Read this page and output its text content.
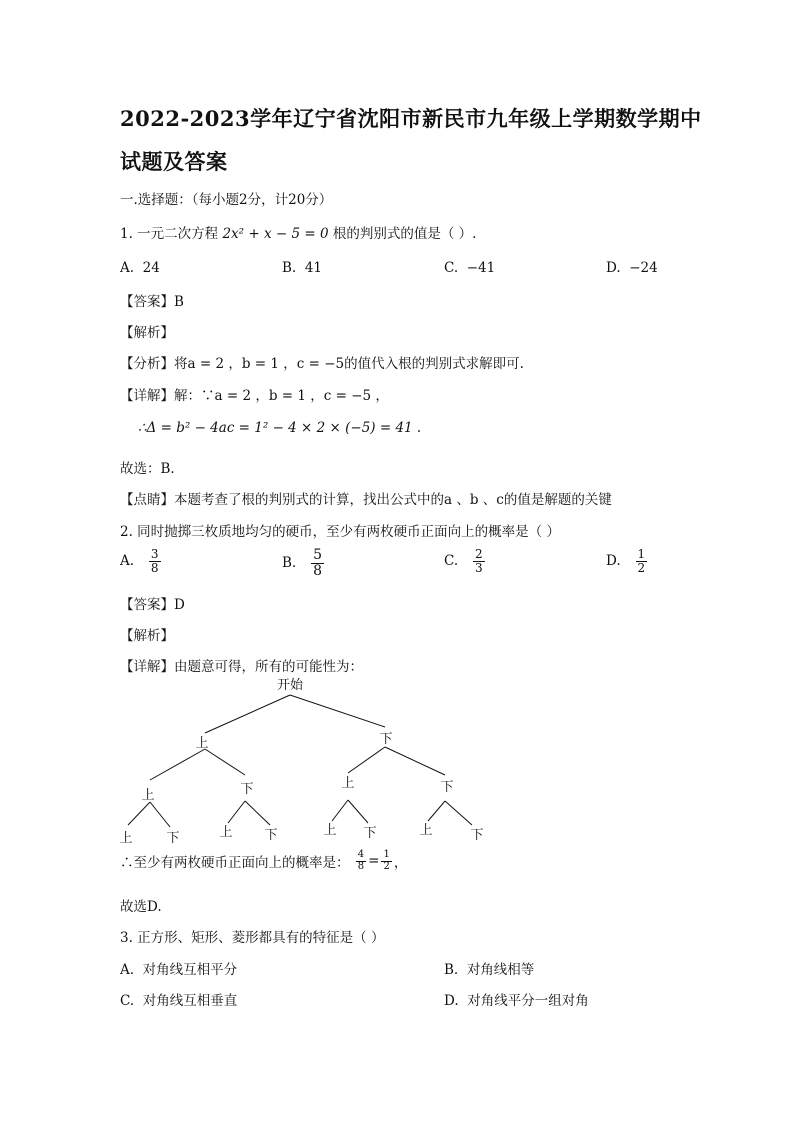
2022-2023学年辽宁省沈阳市新民市九年级上学期数学期中
试题及答案
一.选择题：（每小题2分，计20分）
1. 一元二次方程 2x² + x − 5 = 0 根的判别式的值是（ ）.
A. 24	B. 41	C. −41	D. −24
【答案】B
【解析】
【分析】将a = 2 ，b = 1 ，c = −5的值代入根的判别式求解即可.
【详解】解：∵a = 2 ，b = 1 ，c = −5 ，
∴Δ = b² − 4ac = 1² − 4 × 2 × (−5) = 41 .
故选：B.
【点睛】本题考查了根的判别式的计算，找出公式中的a 、b 、c的值是解题的关键
2. 同时抛掷三枚质地均匀的硬币，至少有两枚硬币正面向上的概率是（ ）
A. $\frac{3}{8}$	B. $\frac{5}{8}$	C. $\frac{2}{3}$	D. $\frac{1}{2}$
【答案】D
【解析】
【详解】由题意可得，所有的可能性为：
开始
上	下
上	下	上	下
上	下	上 下	上 下	上	下
∴至少有两枚硬币正面向上的概率是： $\frac{4}{8} = \frac{1}{2}$ ，
故选D.
3. 正方形、矩形、菱形都具有的特征是（ ）
A. 对角线互相平分	B. 对角线相等
C. 对角线互相垂直	D. 对角线平分一组对角
